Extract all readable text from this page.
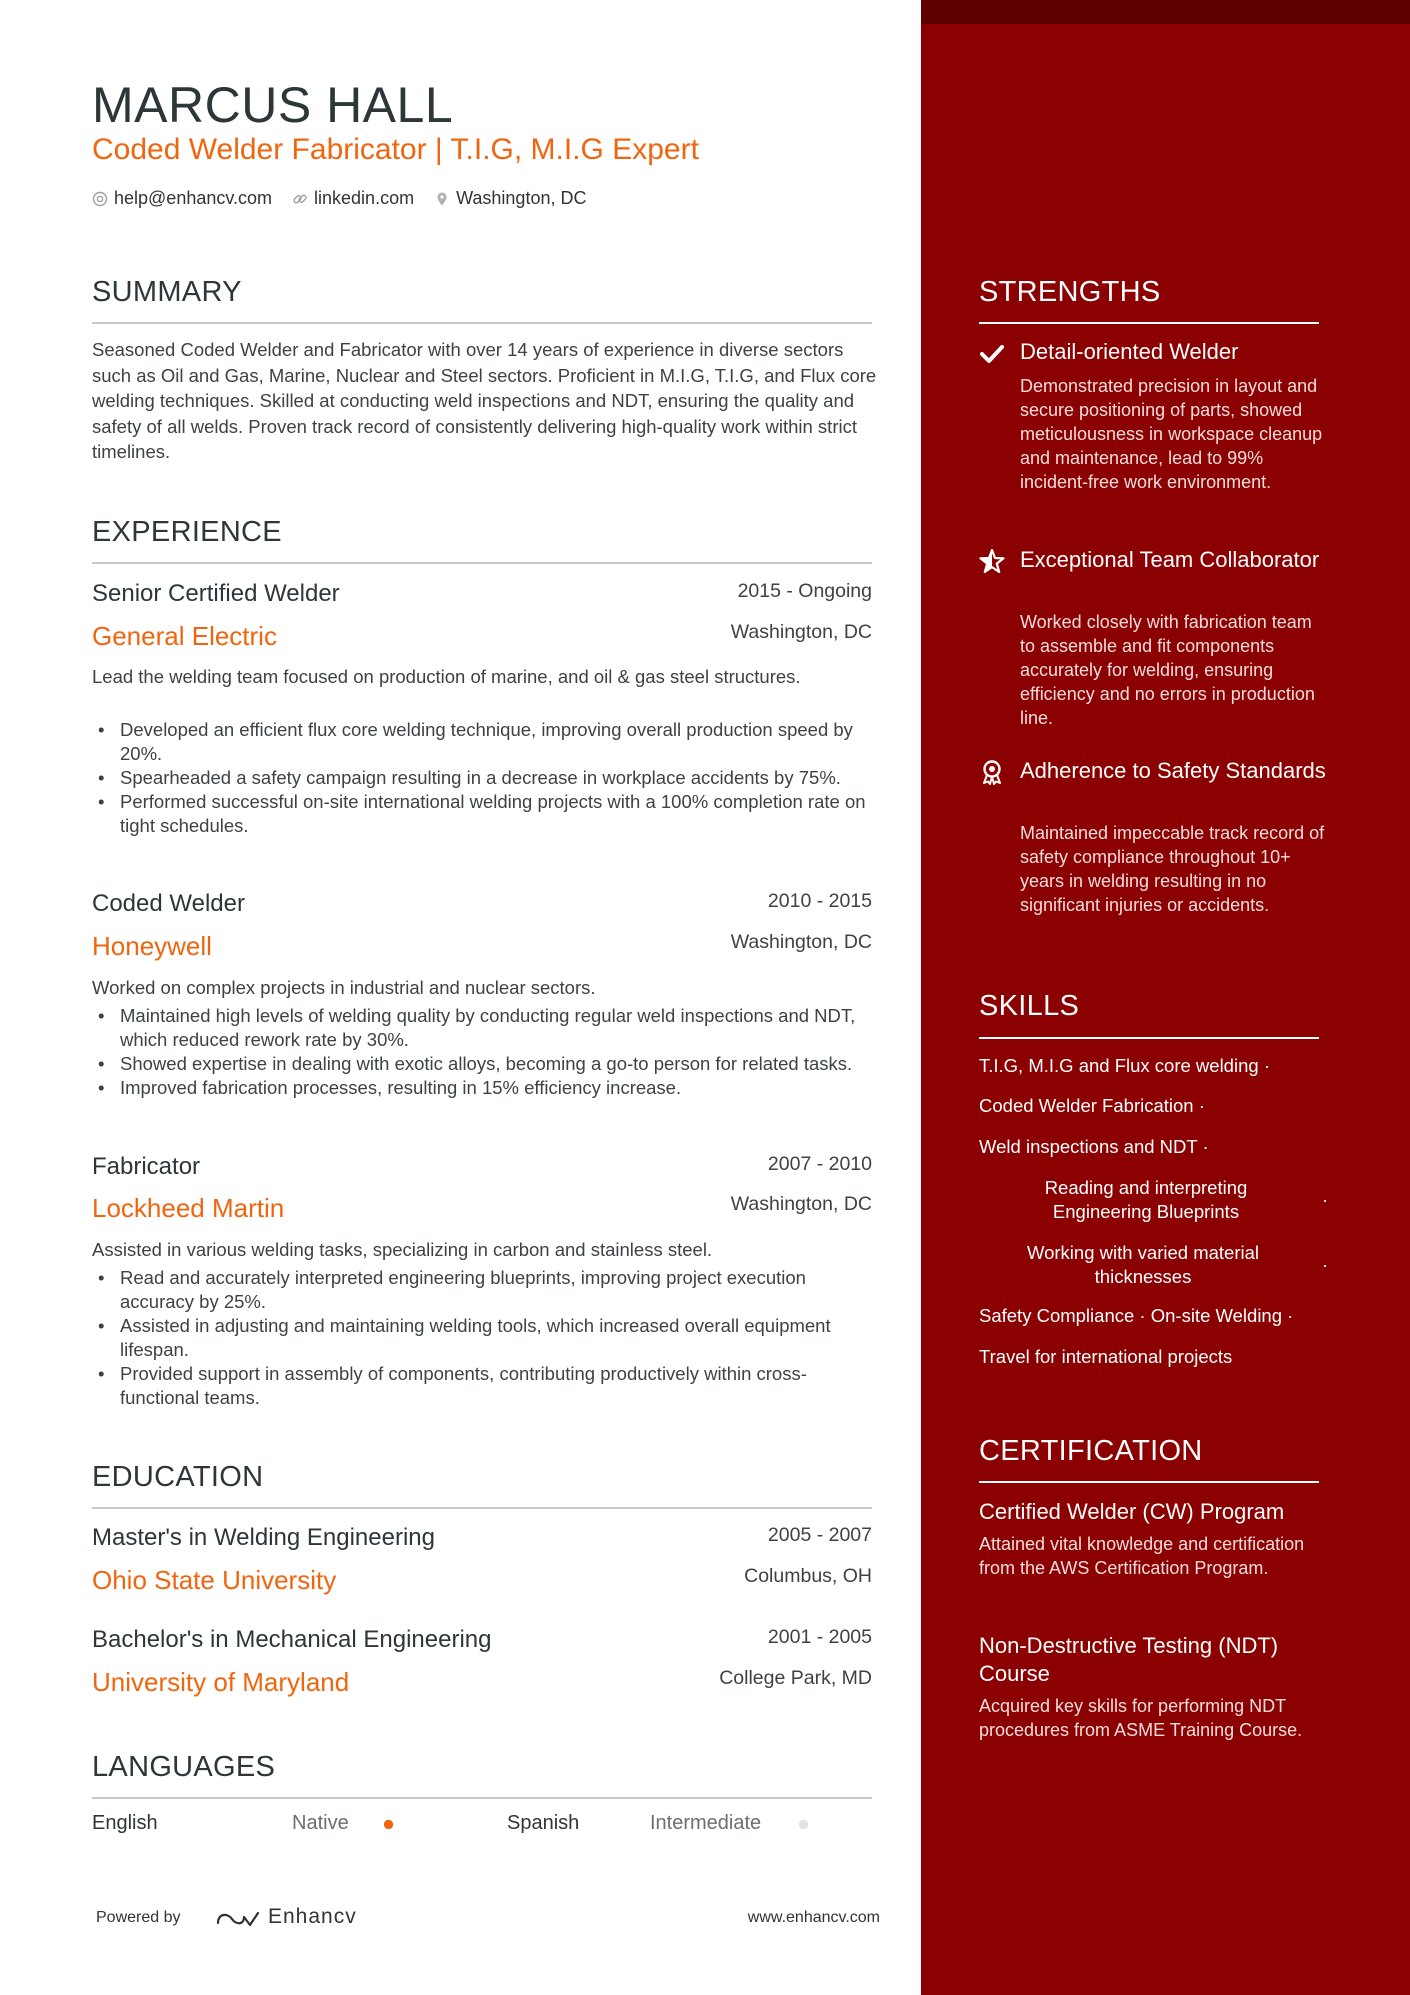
MARCUS HALL
Coded Welder Fabricator | T.I.G, M.I.G Expert
help@enhancv.com linkedin.com Washington, DC
SUMMARY
Seasoned Coded Welder and Fabricator with over 14 years of experience in diverse sectors such as Oil and Gas, Marine, Nuclear and Steel sectors. Proficient in M.I.G, T.I.G, and Flux core welding techniques. Skilled at conducting weld inspections and NDT, ensuring the quality and safety of all welds. Proven track record of consistently delivering high-quality work within strict timelines.
EXPERIENCE
Senior Certified Welder	2015 - Ongoing
General Electric	Washington, DC
Lead the welding team focused on production of marine, and oil & gas steel structures.
• Developed an efficient flux core welding technique, improving overall production speed by 20%.
• Spearheaded a safety campaign resulting in a decrease in workplace accidents by 75%.
• Performed successful on-site international welding projects with a 100% completion rate on tight schedules.
Coded Welder	2010 - 2015
Honeywell	Washington, DC
Worked on complex projects in industrial and nuclear sectors.
• Maintained high levels of welding quality by conducting regular weld inspections and NDT, which reduced rework rate by 30%.
• Showed expertise in dealing with exotic alloys, becoming a go-to person for related tasks.
• Improved fabrication processes, resulting in 15% efficiency increase.
Fabricator	2007 - 2010
Lockheed Martin	Washington, DC
Assisted in various welding tasks, specializing in carbon and stainless steel.
• Read and accurately interpreted engineering blueprints, improving project execution accuracy by 25%.
• Assisted in adjusting and maintaining welding tools, which increased overall equipment lifespan.
• Provided support in assembly of components, contributing productively within cross-functional teams.
EDUCATION
Master's in Welding Engineering	2005 - 2007
Ohio State University	Columbus, OH
Bachelor's in Mechanical Engineering	2001 - 2005
University of Maryland	College Park, MD
LANGUAGES
English	Native	Spanish	Intermediate
Powered by	Enhancv	www.enhancv.com
STRENGTHS
Detail-oriented Welder
Demonstrated precision in layout and secure positioning of parts, showed meticulousness in workspace cleanup and maintenance, lead to 99% incident-free work environment.
Exceptional Team Collaborator
Worked closely with fabrication team to assemble and fit components accurately for welding, ensuring efficiency and no errors in production line.
Adherence to Safety Standards
Maintained impeccable track record of safety compliance throughout 10+ years in welding resulting in no significant injuries or accidents.
SKILLS
T.I.G, M.I.G and Flux core welding ·
Coded Welder Fabrication ·
Weld inspections and NDT ·
Reading and interpreting Engineering Blueprints
·
Working with varied material thicknesses
·
Safety Compliance · On-site Welding ·
Travel for international projects
CERTIFICATION
Certified Welder (CW) Program
Attained vital knowledge and certification from the AWS Certification Program.
Non-Destructive Testing (NDT) Course
Acquired key skills for performing NDT procedures from ASME Training Course.
